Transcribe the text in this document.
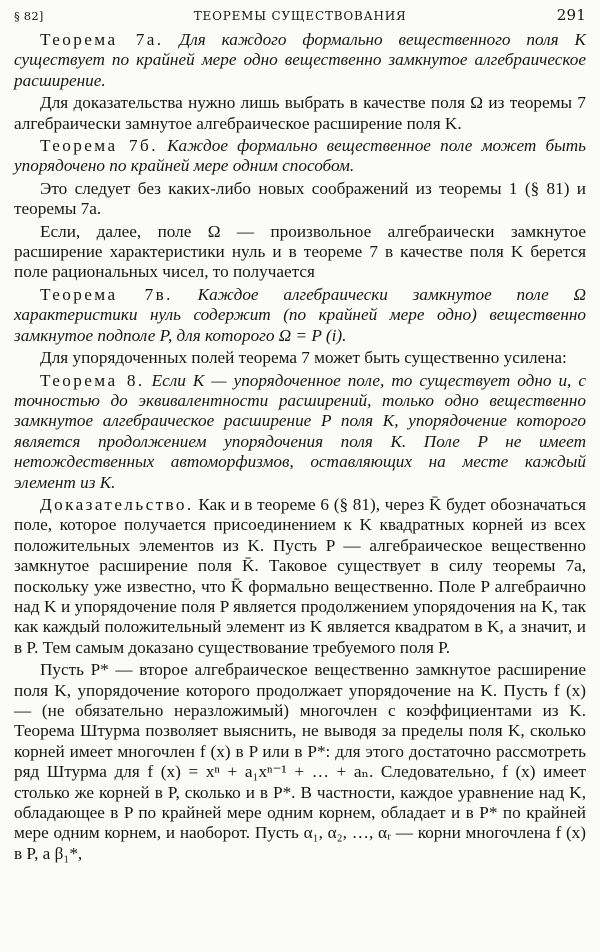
§ 82]	ТЕОРЕМЫ СУЩЕСТВОВАНИЯ	291

Теорема 7а. Для каждого формально вещественного поля K существует по крайней мере одно вещественно замкнутое алгебраическое расширение.

Для доказательства нужно лишь выбрать в качестве поля Ω из теоремы 7 алгебраически замнутое алгебраическое расширение поля K.

Теорема 7б. Каждое формально вещественное поле может быть упорядочено по крайней мере одним способом.

Это следует без каких-либо новых соображений из теоремы 1 (§ 81) и теоремы 7а.

Если, далее, поле Ω — произвольное алгебраически замкнутое расширение характеристики нуль и в теореме 7 в качестве поля K берется поле рациональных чисел, то получается

Теорема 7в. Каждое алгебраически замкнутое поле Ω характеристики нуль содержит (по крайней мере одно) вещественно замкнутое подполе P, для которого Ω = P (i).

Для упорядоченных полей теорема 7 может быть существенно усилена:

Теорема 8. Если K — упорядоченное поле, то существует одно и, с точностью до эквивалентности расширений, только одно вещественно замкнутое алгебраическое расширение P поля K, упорядочение которого является продолжением упорядочения поля K. Поле P не имеет нетождественных автоморфизмов, оставляющих на месте каждый элемент из K.

Доказательство. Как и в теореме 6 (§ 81), через K̄ будет обозначаться поле, которое получается присоединением к K квадратных корней из всех положительных элементов из K. Пусть P — алгебраическое вещественно замкнутое расширение поля K̄. Таковое существует в силу теоремы 7а, поскольку уже известно, что K̄ формально вещественно. Поле P алгебраично над K и упорядочение поля P является продолжением упорядочения на K, так как каждый положительный элемент из K является квадратом в K, а значит, и в P. Тем самым доказано существование требуемого поля P.

Пусть P* — второе алгебраическое вещественно замкнутое расширение поля K, упорядочение которого продолжает упорядочение на K. Пусть f (x) — (не обязательно неразложимый) многочлен с коэффициентами из K. Теорема Штурма позволяет выяснить, не выводя за пределы поля K, сколько корней имеет многочлен f (x) в P или в P*: для этого достаточно рассмотреть ряд Штурма для f (x) = xⁿ + a₁xⁿ⁻¹ + … + aₙ. Следовательно, f (x) имеет столько же корней в P, сколько и в P*. В частности, каждое уравнение над K, обладающее в P по крайней мере одним корнем, обладает и в P* по крайней мере одним корнем, и наоборот. Пусть α₁, α₂, …, αᵣ — корни многочлена f (x) в P, а β₁*,
